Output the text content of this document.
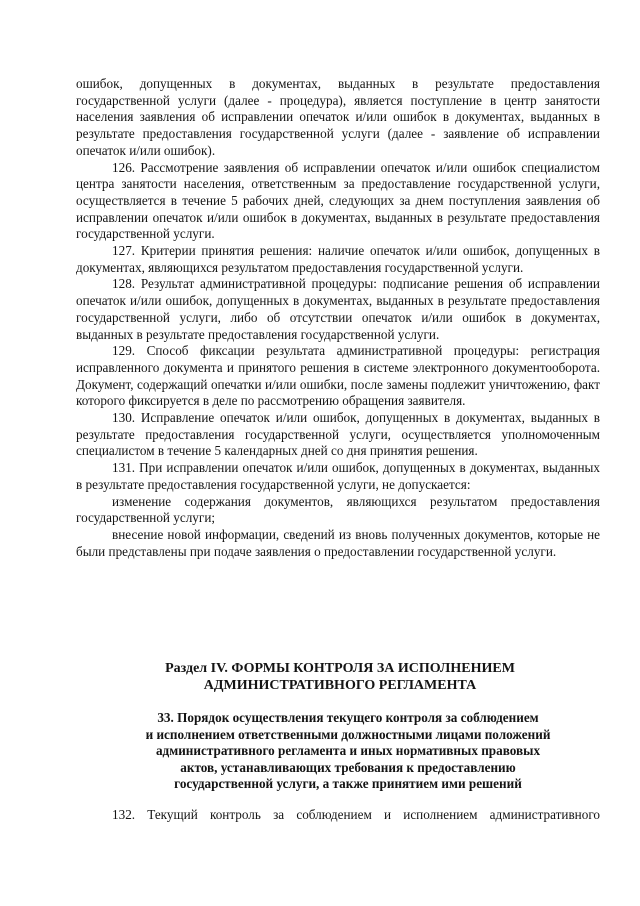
ошибок, допущенных в документах, выданных в результате предоставления государственной услуги (далее - процедура), является поступление в центр занятости населения заявления об исправлении опечаток и/или ошибок в документах, выданных в результате предоставления государственной услуги (далее - заявление об исправлении опечаток и/или ошибок).

126. Рассмотрение заявления об исправлении опечаток и/или ошибок специалистом центра занятости населения, ответственным за предоставление государственной услуги, осуществляется в течение 5 рабочих дней, следующих за днем поступления заявления об исправлении опечаток и/или ошибок в документах, выданных в результате предоставления государственной услуги.

127. Критерии принятия решения: наличие опечаток и/или ошибок, допущенных в документах, являющихся результатом предоставления государственной услуги.

128. Результат административной процедуры: подписание решения об исправлении опечаток и/или ошибок, допущенных в документах, выданных в результате предоставления государственной услуги, либо об отсутствии опечаток и/или ошибок в документах, выданных в результате предоставления государственной услуги.

129. Способ фиксации результата административной процедуры: регистрация исправленного документа и принятого решения в системе электронного документооборота. Документ, содержащий опечатки и/или ошибки, после замены подлежит уничтожению, факт которого фиксируется в деле по рассмотрению обращения заявителя.

130. Исправление опечаток и/или ошибок, допущенных в документах, выданных в результате предоставления государственной услуги, осуществляется уполномоченным специалистом в течение 5 календарных дней со дня принятия решения.

131. При исправлении опечаток и/или ошибок, допущенных в документах, выданных в результате предоставления государственной услуги, не допускается:

изменение содержания документов, являющихся результатом предоставления государственной услуги;

внесение новой информации, сведений из вновь полученных документов, которые не были представлены при подаче заявления о предоставлении государственной услуги.

Раздел IV. ФОРМЫ КОНТРОЛЯ ЗА ИСПОЛНЕНИЕМ
АДМИНИСТРАТИВНОГО РЕГЛАМЕНТА
33. Порядок осуществления текущего контроля за соблюдением
и исполнением ответственными должностными лицами положений
административного регламента и иных нормативных правовых
актов, устанавливающих требования к предоставлению
государственной услуги, а также принятием ими решений

132. Текущий контроль за соблюдением и исполнением административного
